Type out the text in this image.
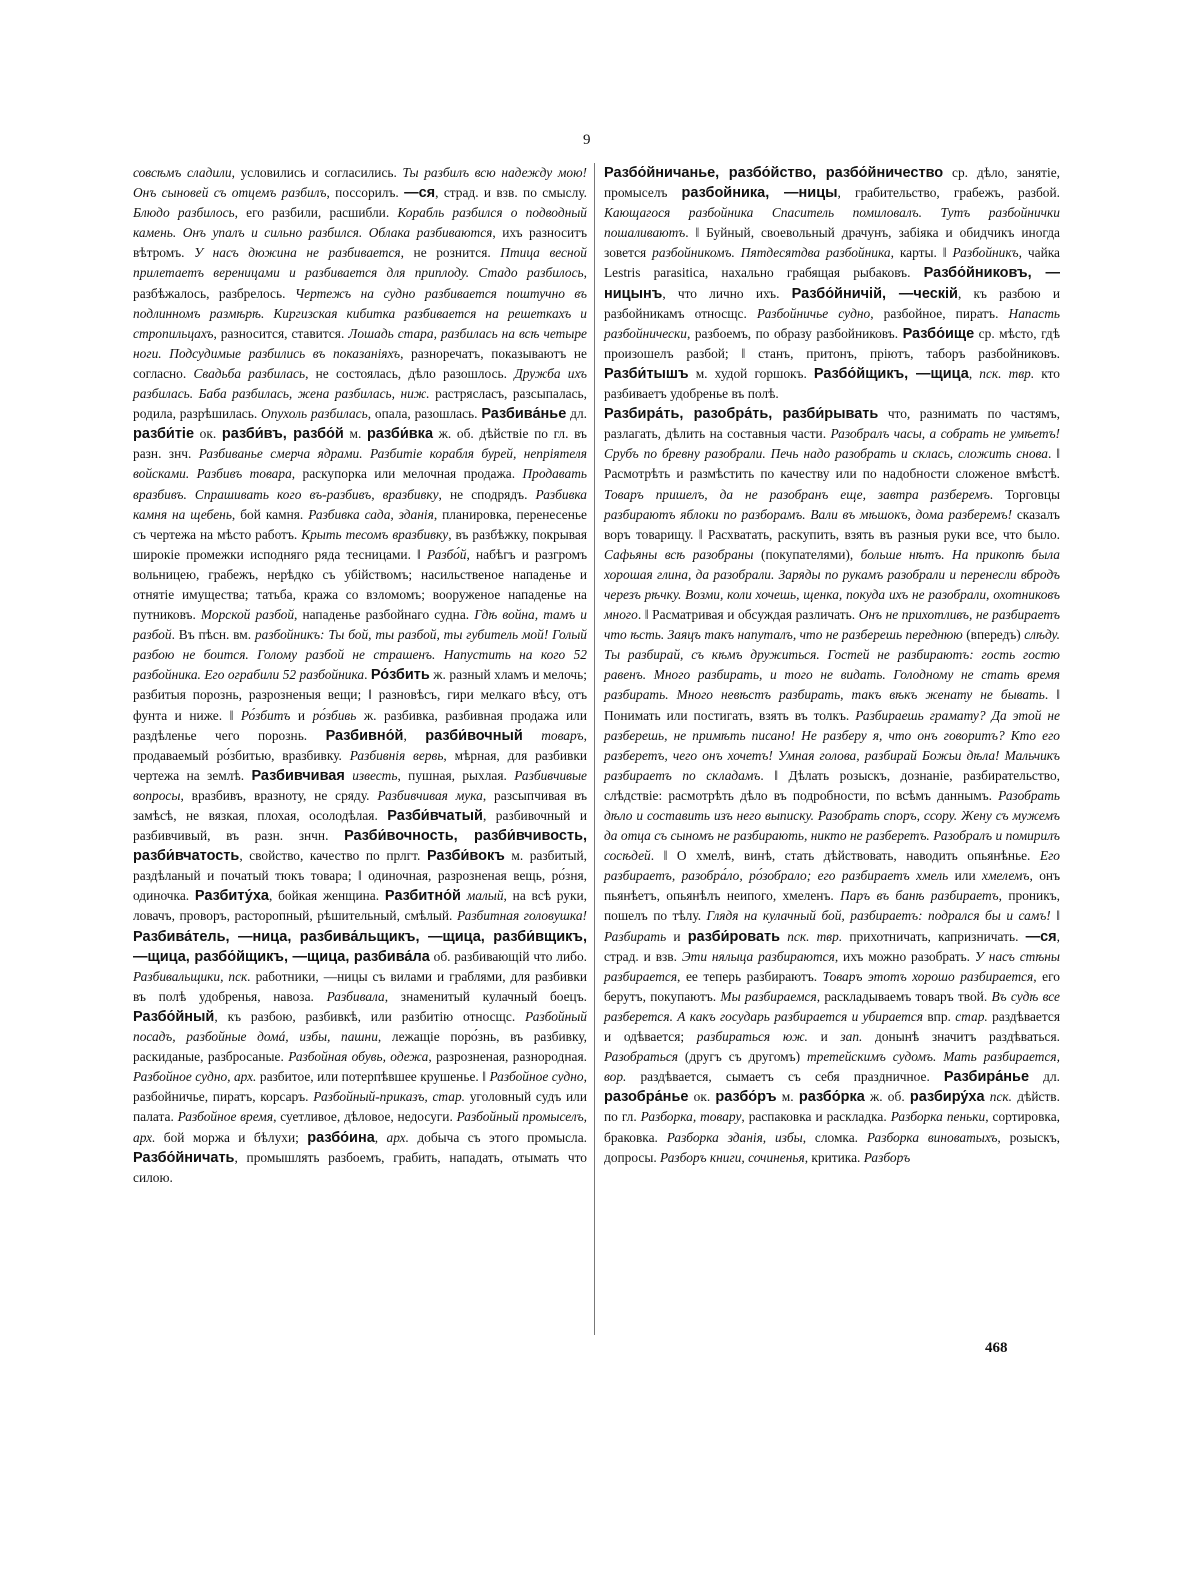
9

совсѣмъ сладили, условились и согласились. Ты разбилъ всю надежду мою! Онъ сыновей съ отцемъ разбилъ, поссорилъ. —ся, страд. и взв. по смыслу. Блюдо разбилось, его разбили, расшибли. Корабль разбился о подводный камень. Онъ упалъ и сильно разбился. Облака разбиваются, ихъ разноситъ вѣтромъ. У насъ дюжина не разбивается, не рознится. Птица весной прилетаетъ вереницами и разбивается для приплоду. Стадо разбилось, разбѣжалось, разбрелось. Чертежъ на судно разбивается поштучно въ подлинномъ размѣрѣ. Киргизская кибитка разбивается на решеткахъ и стропильцахъ, разносится, ставится. Лошадь стара, разбилась на всѣ четыре ноги. Подсудимые разбились въ показаніяхъ, разноречатъ, показываютъ не согласно. Свадьба разбилась, не состоялась, дѣло разошлось. Дружба ихъ разбилась. Баба разбилась, жена разбилась, ниж. растрясласъ, разсыпалась, родила, разрѣшилась. Опухоль разбилась, опала, разошлась. Разбива́нье дл. разби́тіе ок. разби́въ, разбо́й м. разби́вка ж. об. дѣйствіе по гл. въ разн. знч. Разбиванье смерча ядрами. Разбитіе корабля бурей, непріятеля войсками. Разбивъ товара, раскупорка или мелочная продажа. Продавать вразбивъ. Спрашивать кого въ-разбивъ, вразбивку, не сподрядъ. Разбивка камня на щебень, бой камня. Разбивка сада, зданія, планировка, перенесенье съ чертежа на мѣсто работъ. Крыть тесомъ вразбивку, въ разбѣжку, покрывая широкіе промежки исподняго ряда тесницами. ‖ Разбо́й, набѣгъ и разгромъ вольницею, грабежъ, нерѣдко съ убійствомъ; насильственое нападенье и отнятіе имущества; татьба, кража со взломомъ; вооруженое нападенье на путниковъ. Морской разбой, нападенье разбойнаго судна. Гдѣ война, тамъ и разбой. Въ пѣсн. вм. разбойникъ: Ты бой, ты разбой, ты губитель мой! Голый разбою не боится. Голому разбой не страшенъ. Напустить на кого 52 разбойника. Его ограбили 52 разбойника. Ро́збить ж. разный хламъ и мелочь; разбитыя порознь, разрозненыя вещи; ‖ разновѣсъ, гири мелкаго вѣсу, отъ фунта и ниже. ‖ Ро́збитъ и ро́збивь ж. разбивка, разбивная продажа или раздѣленье чего порознь. Разбивно́й, разби́вочный товаръ, продаваемый ро́збитью, вразбивку. Разбивнія вервь, мѣрная, для разбивки чертежа на землѣ. Разбивчивая известь, пушная, рыхлая. Разбивчивые вопросы, вразбивъ, вразноту, не сряду. Разбивчивая мука, разсыпчивая въ замѣсѣ, не вязкая, плохая, осолодѣлая. Разби́вчатый, разбивочный и разбивчивый, въ разн. знчн. Разби́вочность, разби́вчивость, разби́вчатость, свойство, качество по прлгт. Разби́вокъ м. разбитый, раздѣланый и початый тюкъ товара; ‖ одиночная, разрозненая вещь, ро́зня, одиночка. Разбиту́ха, бойкая женщина. Разбитно́й малый, на всѣ руки, ловачъ, проворъ, расторопный, рѣшительный, смѣлый. Разбитная головушка! Разбива́тель, —ница, разбива́льщикъ, —щица, разби́вщикъ, —щица, разбо́йщикъ, —щица, разбива́ла об. разбивающій что либо. Разбивальщики, пск. работники, —ницы съ вилами и граблями, для разбивки въ полѣ удобренья, навоза. Разбивала, знаменитый кулачный боецъ. Разбо́йный, къ разбою, разбивкѣ, или разбитію относщс. Разбойный посадъ, разбойные домá, избы, пашни, лежащіе поро́знь, въ разбивку, раскиданые, разбросаные. Разбойная обувь, одежа, разрозненая, разнородная. Разбойное судно, арх. разбитое, или потерпѣвшее крушенье. ‖ Разбойное судно, разбойничье, пиратъ, корсаръ. Разбойный-приказъ, стар. уголовный судъ или палата. Разбойное время, суетливое, дѣловое, недосуги. Разбойный промыселъ, арх. бой моржа и бѣлухи; разбо́ина, арх. добыча съ этого промысла. Разбо́йничать, промышлять разбоемъ, грабить, нападать, отымать что силою.

Разбо́йничанье, разбо́йство, разбо́йничество ср. дѣло, занятіе, промыселъ разбойника, —ницы, грабительство, грабежъ, разбой. Кающагося разбойника Спаситель помиловалъ. Тутъ разбойнички пошаливаютъ. ‖ Буйный, своевольный драчунъ, забіяка и обидчикъ иногда зовется разбойникомъ. Пятдесятдва разбойника, карты. ‖ Разбойникъ, чайка Lestris parasitica, нахально грабящая рыбаковъ. Разбо́йниковъ, —ницынъ, что лично ихъ. Разбо́йничій, —ческій, къ разбою и разбойникамъ относщс. Разбойничье судно, разбойное, пиратъ. Напасть разбойнически, разбоемъ, по образу разбойниковъ. Разбо́ище ср. мѣсто, гдѣ произошелъ разбой; ‖ станъ, притонъ, пріютъ, таборъ разбойниковъ. Разби́тышъ м. худой горшокъ. Разбо́йщикъ, —щица, пск. твр. кто разбиваетъ удобренье въ полѣ.

Разбира́ть, разобра́ть, разби́рывать что, разнимать по частямъ, разлагать, дѣлить на составныя части. Разобралъ часы, а собрать не умѣетъ! Срубъ по бревну разобрали. Печь надо разобрать и склась, сложить снова. ‖ Расмотрѣть и размѣстить по качеству или по надобности сложеное вмѣстѣ. Товаръ пришелъ, да не разобранъ еще, завтра разберемъ. Торговцы разбираютъ яблоки по разборамъ. Вали въ мѣшокъ, дома разберемъ! сказалъ воръ товарищу. ‖ Расхватать, раскупить, взять въ разныя руки все, что было. Сафьяны всѣ разобраны (покупателями), больше нѣтъ. На прикопѣ была хорошая глина, да разобрали. Заряды по рукамъ разобрали и перенесли вбродъ черезъ рѣчку. Возми, коли хочешь, щенка, покуда ихъ не разобрали, охотниковъ много. ‖ Расматривая и обсуждая различать. Онъ не прихотливъ, не разбираетъ что ѣсть. Заяцъ такъ напуталъ, что не разберешь переднюю (впередъ) слѣду. Ты разбирай, съ кѣмъ дружиться. Гостей не разбираютъ: гость гостю равенъ. Много разбирать, и того не видать. Голодному не стать время разбирать. Много невѣстъ разбирать, такъ вѣкъ женату не бывать. ‖ Понимать или постигать, взять въ толкъ. Разбираешь грамату? Да этой не разберешь, не примѣть писано! Не разберу я, что онъ говоритъ? Кто его разберетъ, чего онъ хочетъ! Умная голова, разбирай Божьи дѣла! Мальчикъ разбираетъ по складамъ. ‖ Дѣлать розыскъ, дознаніе, разбирательство, слѣдствіе: расмотрѣть дѣло въ подробности, по всѣмъ даннымъ. Разобрать дѣло и составить изъ него выписку. Разобрать споръ, ссору. Жену съ мужемъ да отца съ сыномъ не разбирають, никто не разберетъ. Разобралъ и помирилъ сосѣдей. ‖ О хмелѣ, винѣ, стать дѣйствовать, наводить опьянѣнье. Его разбираетъ, разобра́ло, ро́зобрало; его разбираетъ хмель или хмелемъ, онъ пьянѣетъ, опьянѣлъ неипого, хмеленъ. Паръ въ банѣ разбираетъ, проникъ, пошелъ по тѣлу. Глядя на кулачный бой, разбираетъ: подрался бы и самъ! ‖ Разбирать и разби́ровать пск. твр. прихотничать, капризничать. —ся, страд. и взв. Эти нялыца разбираются, ихъ можно разобрать. У насъ стѣны разбирается, ее теперь разбираютъ. Товаръ этотъ хорошо разбирается, его берутъ, покупаютъ. Мы разбираемся, раскладываемъ товаръ твой. Въ судѣ все разберется. А какъ государь разбирается и убирается впр. стар. раздѣвается и одѣвается; разбираться юж. и зап. донынѣ значитъ раздѣваться. Разобраться (другъ съ другомъ) третейскимъ судомъ. Мать разбирается, вор. раздѣвается, сымаетъ съ себя праздничное. Разбира́нье дл. разобра́нье ок. разбо́ръ м. разбо́рка ж. об. разбиру́ха пск. дѣйств. по гл. Разборка, товару, распаковка и раскладка. Разборка пеньки, сортировка, браковка. Разборка зданія, избы, сломка. Разборка виноватыхъ, розыскъ, допросы. Разборъ книги, сочиненья, критика. Разборъ

468
